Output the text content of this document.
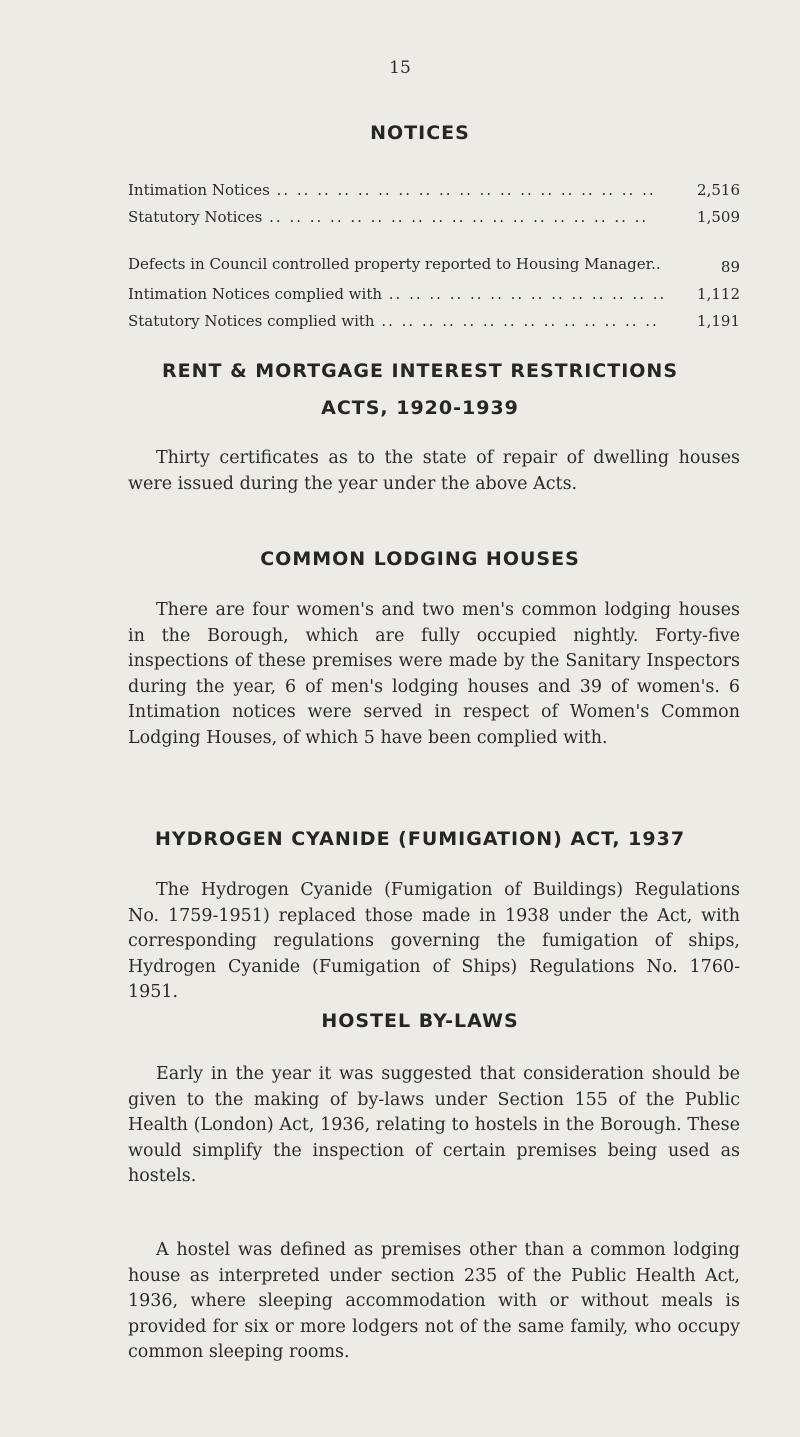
15
NOTICES
Intimation Notices .. ..	2,516
Statutory Notices .. ..	1,509
Defects in Council controlled property reported to Housing Manager..	89
Intimation Notices complied with .. ..	1,112
Statutory Notices complied with .. ..	1,191
RENT & MORTGAGE INTEREST RESTRICTIONS
ACTS, 1920-1939

Thirty certificates as to the state of repair of dwelling houses were issued during the year under the above Acts.

COMMON LODGING HOUSES

There are four women's and two men's common lodging houses in the Borough, which are fully occupied nightly. Forty-five inspections of these premises were made by the Sanitary Inspectors during the year, 6 of men's lodging houses and 39 of women's. 6 Intimation notices were served in respect of Women's Common Lodging Houses, of which 5 have been complied with.

HYDROGEN CYANIDE (FUMIGATION) ACT, 1937

The Hydrogen Cyanide (Fumigation of Buildings) Regulations No. 1759-1951) replaced those made in 1938 under the Act, with corresponding regulations governing the fumigation of ships, Hydrogen Cyanide (Fumigation of Ships) Regulations No. 1760-1951.

HOSTEL BY-LAWS

Early in the year it was suggested that consideration should be given to the making of by-laws under Section 155 of the Public Health (London) Act, 1936, relating to hostels in the Borough. These would simplify the inspection of certain premises being used as hostels.

A hostel was defined as premises other than a common lodging house as interpreted under section 235 of the Public Health Act, 1936, where sleeping accommodation with or without meals is provided for six or more lodgers not of the same family, who occupy common sleeping rooms.
